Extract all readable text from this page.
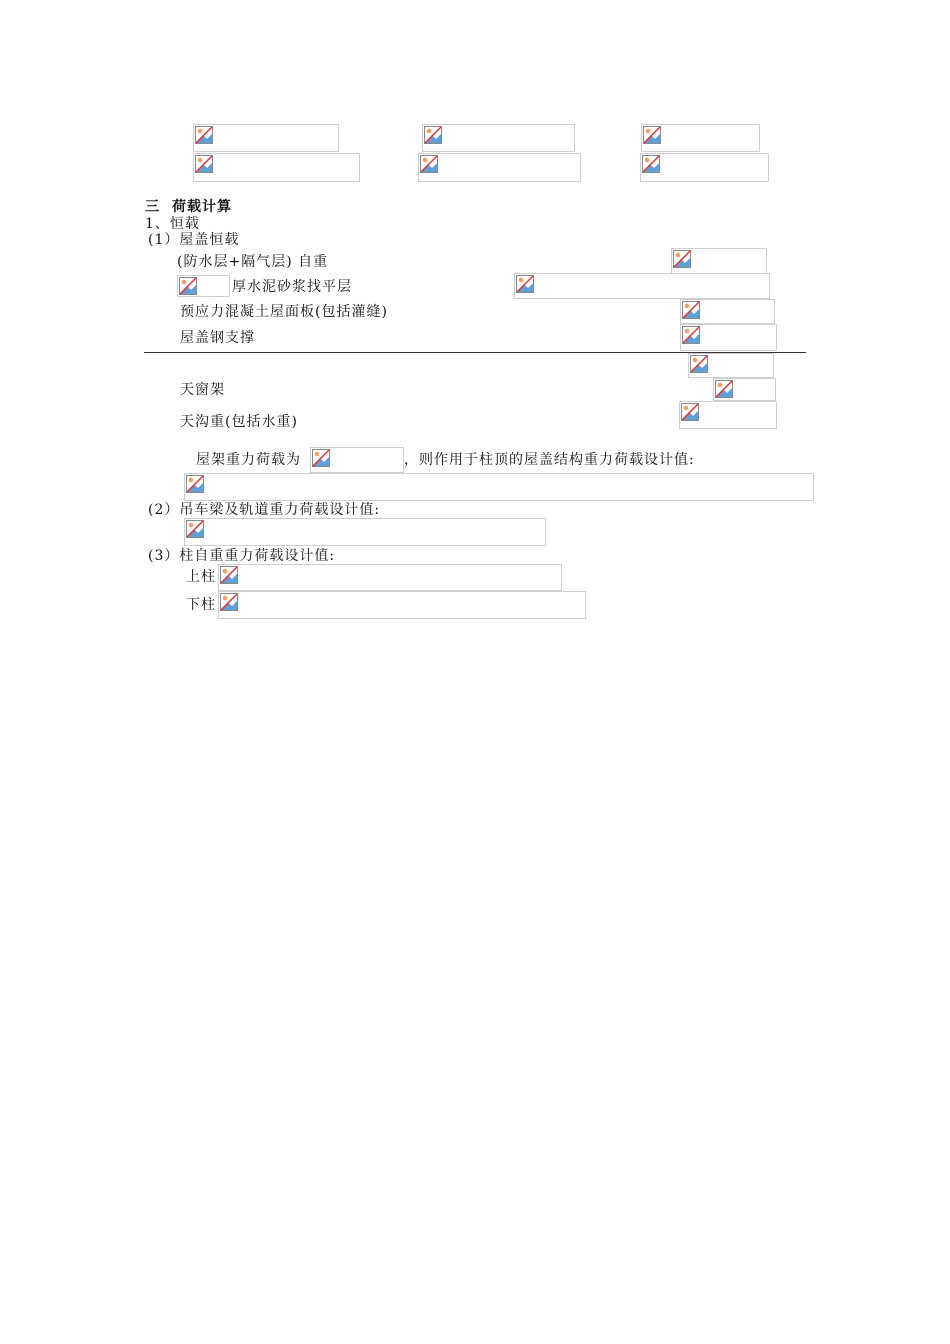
三 荷载计算
1、恒载
(1）屋盖恒载
(防水层+隔气层) 自重
厚水泥砂浆找平层
预应力混凝土屋面板(包括灌缝)
屋盖钢支撑
天窗架
天沟重(包括水重)
屋架重力荷载为	，则作用于柱顶的屋盖结构重力荷载设计值:
(2）吊车梁及轨道重力荷载设计值:
(3）柱自重重力荷载设计值:
上柱
下柱
